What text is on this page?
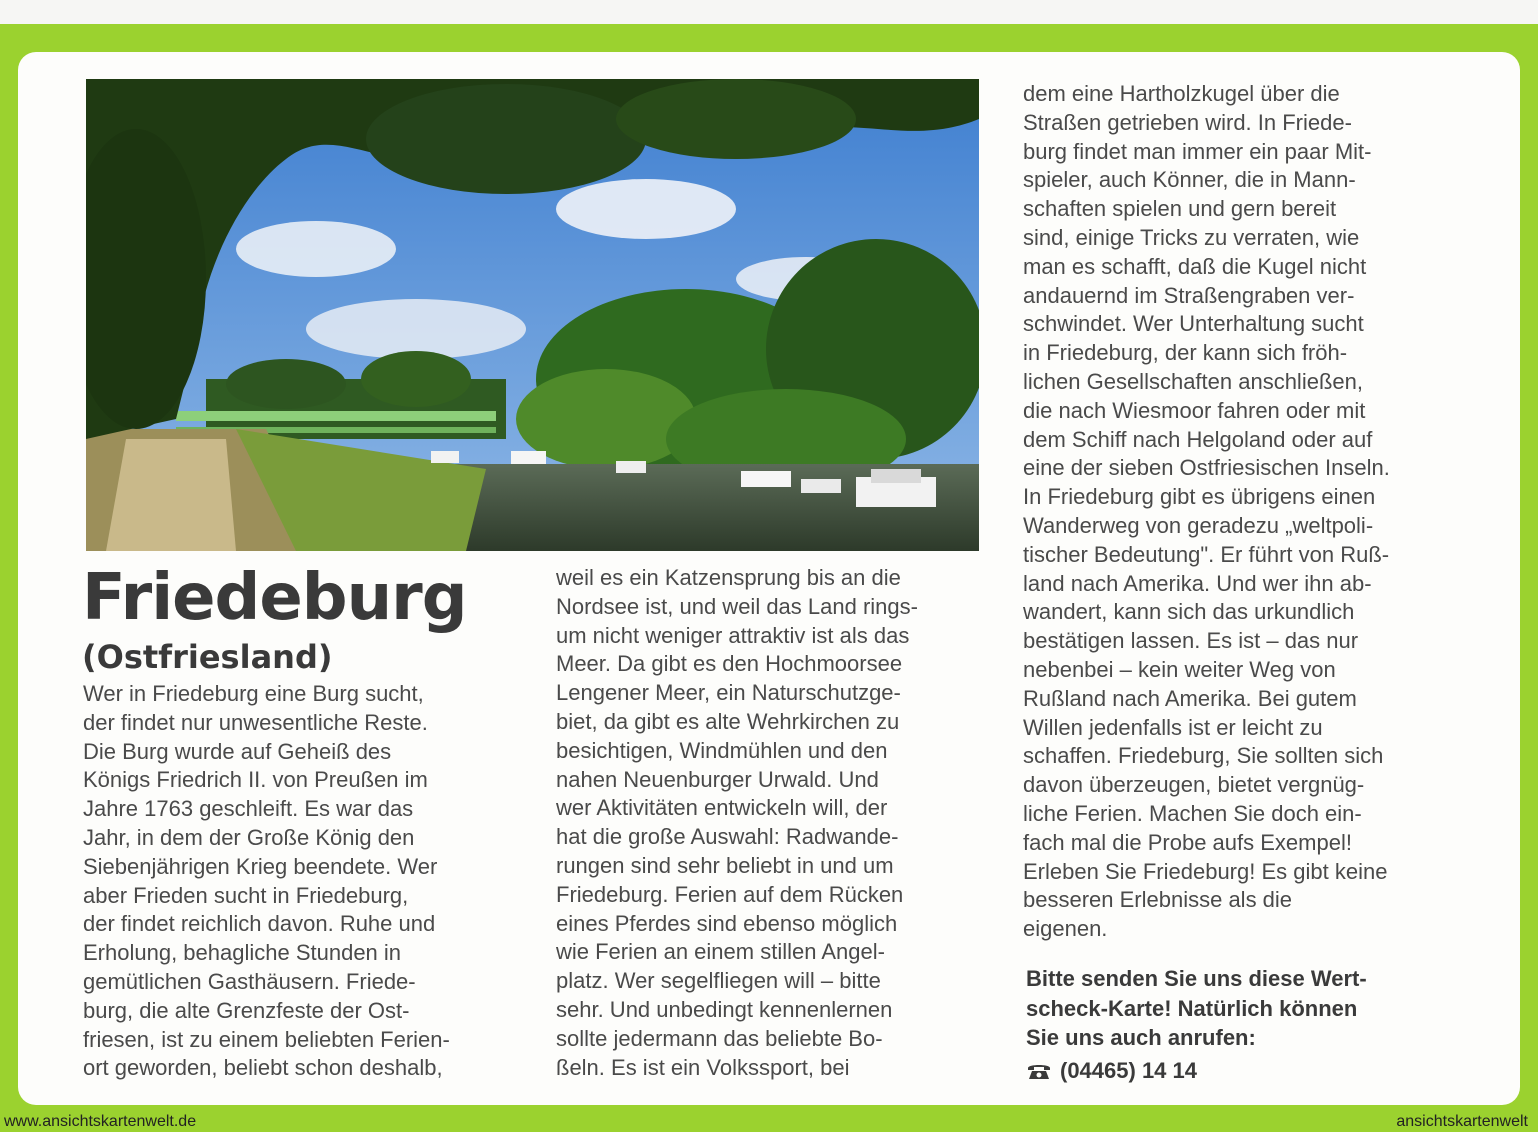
Friedeburg
(Ostfriesland)

Wer in Friedeburg eine Burg sucht,
der findet nur unwesentliche Reste.
Die Burg wurde auf Geheiß des
Königs Friedrich II. von Preußen im
Jahre 1763 geschleift. Es war das
Jahr, in dem der Große König den
Siebenjährigen Krieg beendete. Wer
aber Frieden sucht in Friedeburg,
der findet reichlich davon. Ruhe und
Erholung, behagliche Stunden in
gemütlichen Gasthäusern. Friede-
burg, die alte Grenzfeste der Ost-
friesen, ist zu einem beliebten Ferien-
ort geworden, beliebt schon deshalb,

weil es ein Katzensprung bis an die
Nordsee ist, und weil das Land rings-
um nicht weniger attraktiv ist als das
Meer. Da gibt es den Hochmoorsee
Lengener Meer, ein Naturschutzge-
biet, da gibt es alte Wehrkirchen zu
besichtigen, Windmühlen und den
nahen Neuenburger Urwald. Und
wer Aktivitäten entwickeln will, der
hat die große Auswahl: Radwande-
rungen sind sehr beliebt in und um
Friedeburg. Ferien auf dem Rücken
eines Pferdes sind ebenso möglich
wie Ferien an einem stillen Angel-
platz. Wer segelfliegen will – bitte
sehr. Und unbedingt kennenlernen
sollte jedermann das beliebte Bo-
ßeln. Es ist ein Volkssport, bei

dem eine Hartholzkugel über die
Straßen getrieben wird. In Friede-
burg findet man immer ein paar Mit-
spieler, auch Könner, die in Mann-
schaften spielen und gern bereit
sind, einige Tricks zu verraten, wie
man es schafft, daß die Kugel nicht
andauernd im Straßengraben ver-
schwindet. Wer Unterhaltung sucht
in Friedeburg, der kann sich fröh-
lichen Gesellschaften anschließen,
die nach Wiesmoor fahren oder mit
dem Schiff nach Helgoland oder auf
eine der sieben Ostfriesischen Inseln.
In Friedeburg gibt es übrigens einen
Wanderweg von geradezu „weltpoli-
tischer Bedeutung". Er führt von Ruß-
land nach Amerika. Und wer ihn ab-
wandert, kann sich das urkundlich
bestätigen lassen. Es ist – das nur
nebenbei – kein weiter Weg von
Rußland nach Amerika. Bei gutem
Willen jedenfalls ist er leicht zu
schaffen. Friedeburg, Sie sollten sich
davon überzeugen, bietet vergnüg-
liche Ferien. Machen Sie doch ein-
fach mal die Probe aufs Exempel!
Erleben Sie Friedeburg! Es gibt keine
besseren Erlebnisse als die
eigenen.

Bitte senden Sie uns diese Wert-
scheck-Karte! Natürlich können
Sie uns auch anrufen:

(04465) 14 14
www.ansichtskartenwelt.de	ansichtskartenwelt
